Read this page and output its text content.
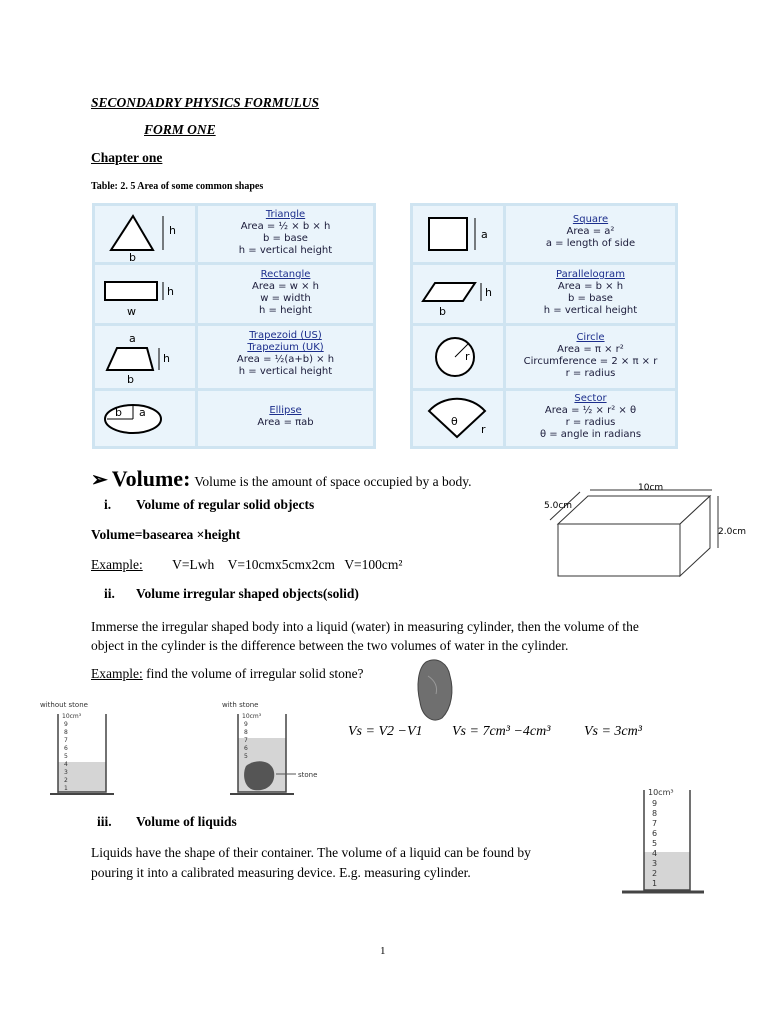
SECONDADRY PHYSICS FORMULUS
FORM ONE
Chapter one
Table: 2. 5 Area of some common shapes
h
b
Triangle
Area = ½ × b × h
b = base
h = vertical height
h
w
Rectangle
Area = w × h
w = width
h = height
h
a
b
Trapezoid (US)
Trapezium (UK)
Area = ½(a+b) × h
h = vertical height
b a	Ellipse
Area = πab
a
Square
Area = a²
a = length of side
h
b
Parallelogram
Area = b × h
b = base
h = vertical height
r
Circle
Area = π × r²
Circumference = 2 × π × r
r = radius
θ
r
Sector
Area = ½ × r² × θ
r = radius
θ = angle in radians
➢ Volume: Volume is the amount of space occupied by a body.
i. Volume of regular solid objects
Volume=basearea ×height
Example: V=Lwh V=10cmx5cmx2cm V=100cm²
10cm
5.0cm
2.0cm
ii. Volume irregular shaped objects(solid)
Immerse the irregular shaped body into a liquid (water) in measuring cylinder, then the volume of the object in the cylinder is the difference between the two volumes of water in the cylinder.
Example: find the volume of irregular solid stone?
without stone
10cm³
9
8
7
6
5
4
3
2
1
with stone
stone
10cm³
9
8
7
6
5
Vs = V2 −V1 Vs = 7cm³ −4cm³ Vs = 3cm³
iii. Volume of liquids
Liquids have the shape of their container. The volume of a liquid can be found by pouring it into a calibrated measuring device. E.g. measuring cylinder.
10cm³
9
8
7
6
5
4
3
2
1
1
